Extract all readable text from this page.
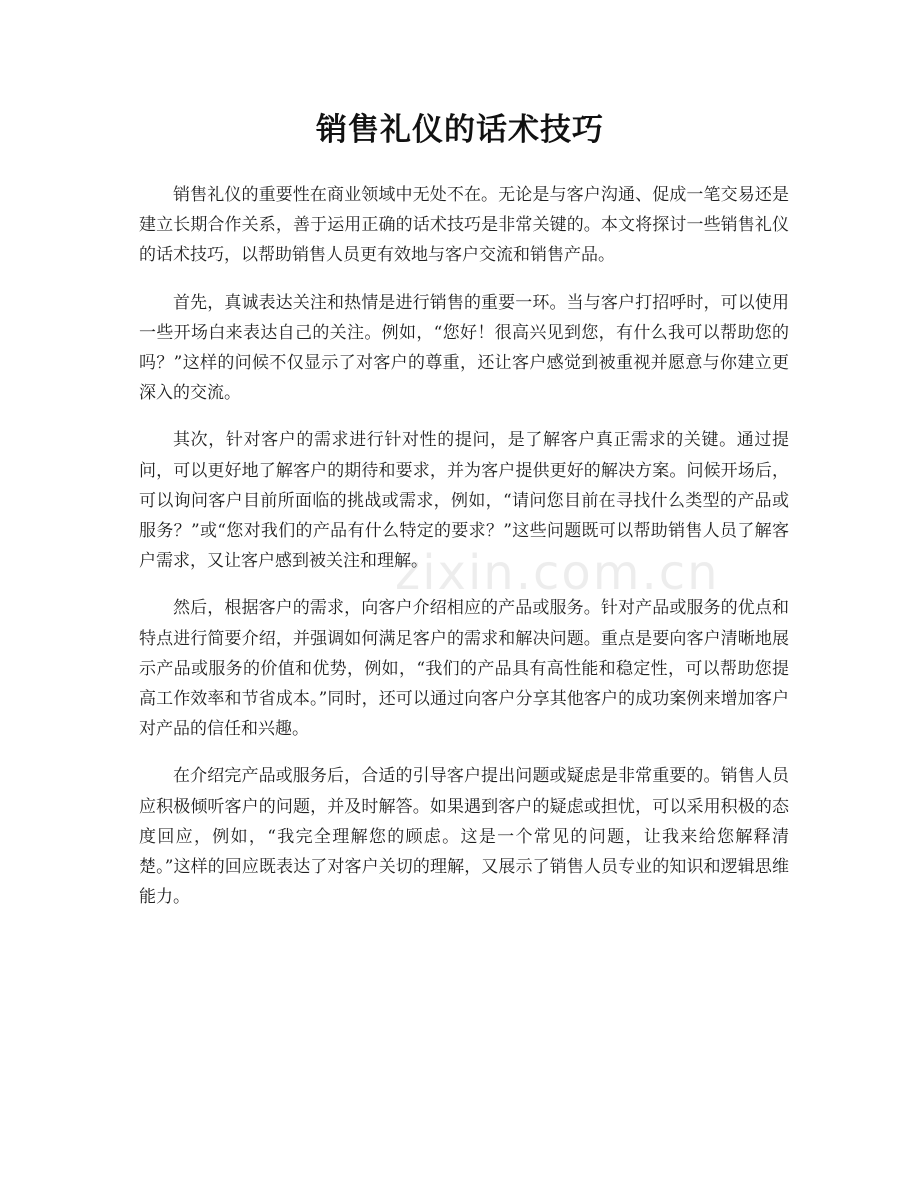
销售礼仪的话术技巧

销售礼仪的重要性在商业领域中无处不在。无论是与客户沟通、促成一笔交易还是建立长期合作关系，善于运用正确的话术技巧是非常关键的。本文将探讨一些销售礼仪的话术技巧，以帮助销售人员更有效地与客户交流和销售产品。

首先，真诚表达关注和热情是进行销售的重要一环。当与客户打招呼时，可以使用一些开场白来表达自己的关注。例如，“您好！很高兴见到您，有什么我可以帮助您的吗？”这样的问候不仅显示了对客户的尊重，还让客户感觉到被重视并愿意与你建立更深入的交流。

其次，针对客户的需求进行针对性的提问，是了解客户真正需求的关键。通过提问，可以更好地了解客户的期待和要求，并为客户提供更好的解决方案。问候开场后，可以询问客户目前所面临的挑战或需求，例如，“请问您目前在寻找什么类型的产品或服务？”或“您对我们的产品有什么特定的要求？”这些问题既可以帮助销售人员了解客户需求，又让客户感到被关注和理解。

然后，根据客户的需求，向客户介绍相应的产品或服务。针对产品或服务的优点和特点进行简要介绍，并强调如何满足客户的需求和解决问题。重点是要向客户清晰地展示产品或服务的价值和优势，例如，“我们的产品具有高性能和稳定性，可以帮助您提高工作效率和节省成本。”同时，还可以通过向客户分享其他客户的成功案例来增加客户对产品的信任和兴趣。

在介绍完产品或服务后，合适的引导客户提出问题或疑虑是非常重要的。销售人员应积极倾听客户的问题，并及时解答。如果遇到客户的疑虑或担忧，可以采用积极的态度回应，例如，“我完全理解您的顾虑。这是一个常见的问题，让我来给您解释清楚。”这样的回应既表达了对客户关切的理解，又展示了销售人员专业的知识和逻辑思维能力。

zixin.com.cn
